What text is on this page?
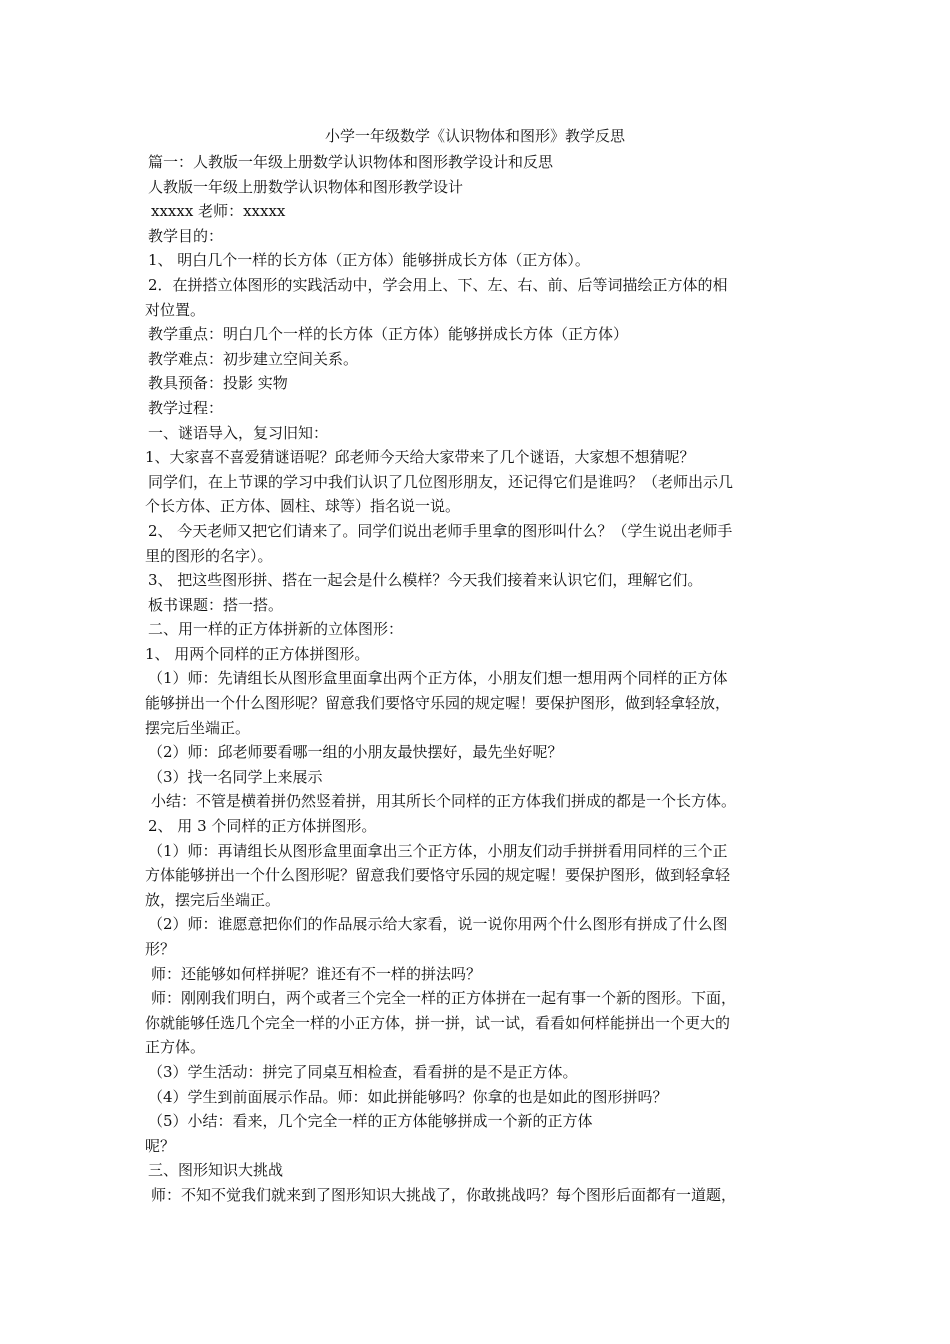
小学一年级数学《认识物体和图形》教学反思
篇一：人教版一年级上册数学认识物体和图形教学设计和反思
人教版一年级上册数学认识物体和图形教学设计
xxxxx 老师：xxxxx
教学目的：
1、 明白几个一样的长方体（正方体）能够拼成长方体（正方体）。
2．在拼搭立体图形的实践活动中，学会用上、下、左、右、前、后等词描绘正方体的相
对位置。
教学重点：明白几个一样的长方体（正方体）能够拼成长方体（正方体）
教学难点：初步建立空间关系。
教具预备：投影 实物
教学过程：
一、谜语导入，复习旧知：
1、大家喜不喜爱猜谜语呢？邱老师今天给大家带来了几个谜语，大家想不想猜呢？
同学们，在上节课的学习中我们认识了几位图形朋友，还记得它们是谁吗？（老师出示几
个长方体、正方体、圆柱、球等）指名说一说。
2、 今天老师又把它们请来了。同学们说出老师手里拿的图形叫什么？（学生说出老师手
里的图形的名字）。
3、 把这些图形拼、搭在一起会是什么模样？今天我们接着来认识它们，理解它们。
板书课题：搭一搭。
二、用一样的正方体拼新的立体图形：
1、 用两个同样的正方体拼图形。
（1）师：先请组长从图形盒里面拿出两个正方体，小朋友们想一想用两个同样的正方体
能够拼出一个什么图形呢？留意我们要恪守乐园的规定喔！要保护图形，做到轻拿轻放，
摆完后坐端正。
（2）师：邱老师要看哪一组的小朋友最快摆好，最先坐好呢？
（3）找一名同学上来展示
小结：不管是横着拼仍然竖着拼，用其所长个同样的正方体我们拼成的都是一个长方体。
2、 用 3 个同样的正方体拼图形。
（1）师：再请组长从图形盒里面拿出三个正方体，小朋友们动手拼拼看用同样的三个正
方体能够拼出一个什么图形呢？留意我们要恪守乐园的规定喔！要保护图形，做到轻拿轻
放，摆完后坐端正。
（2）师：谁愿意把你们的作品展示给大家看，说一说你用两个什么图形有拼成了什么图
形？
师：还能够如何样拼呢？谁还有不一样的拼法吗？
师：刚刚我们明白，两个或者三个完全一样的正方体拼在一起有事一个新的图形。下面，
你就能够任选几个完全一样的小正方体，拼一拼，试一试，看看如何样能拼出一个更大的
正方体。
（3）学生活动：拼完了同桌互相检查，看看拼的是不是正方体。
（4）学生到前面展示作品。师：如此拼能够吗？你拿的也是如此的图形拼吗？
（5）小结：看来，几个完全一样的正方体能够拼成一个新的正方体
呢？
三、图形知识大挑战
师：不知不觉我们就来到了图形知识大挑战了，你敢挑战吗？每个图形后面都有一道题，
